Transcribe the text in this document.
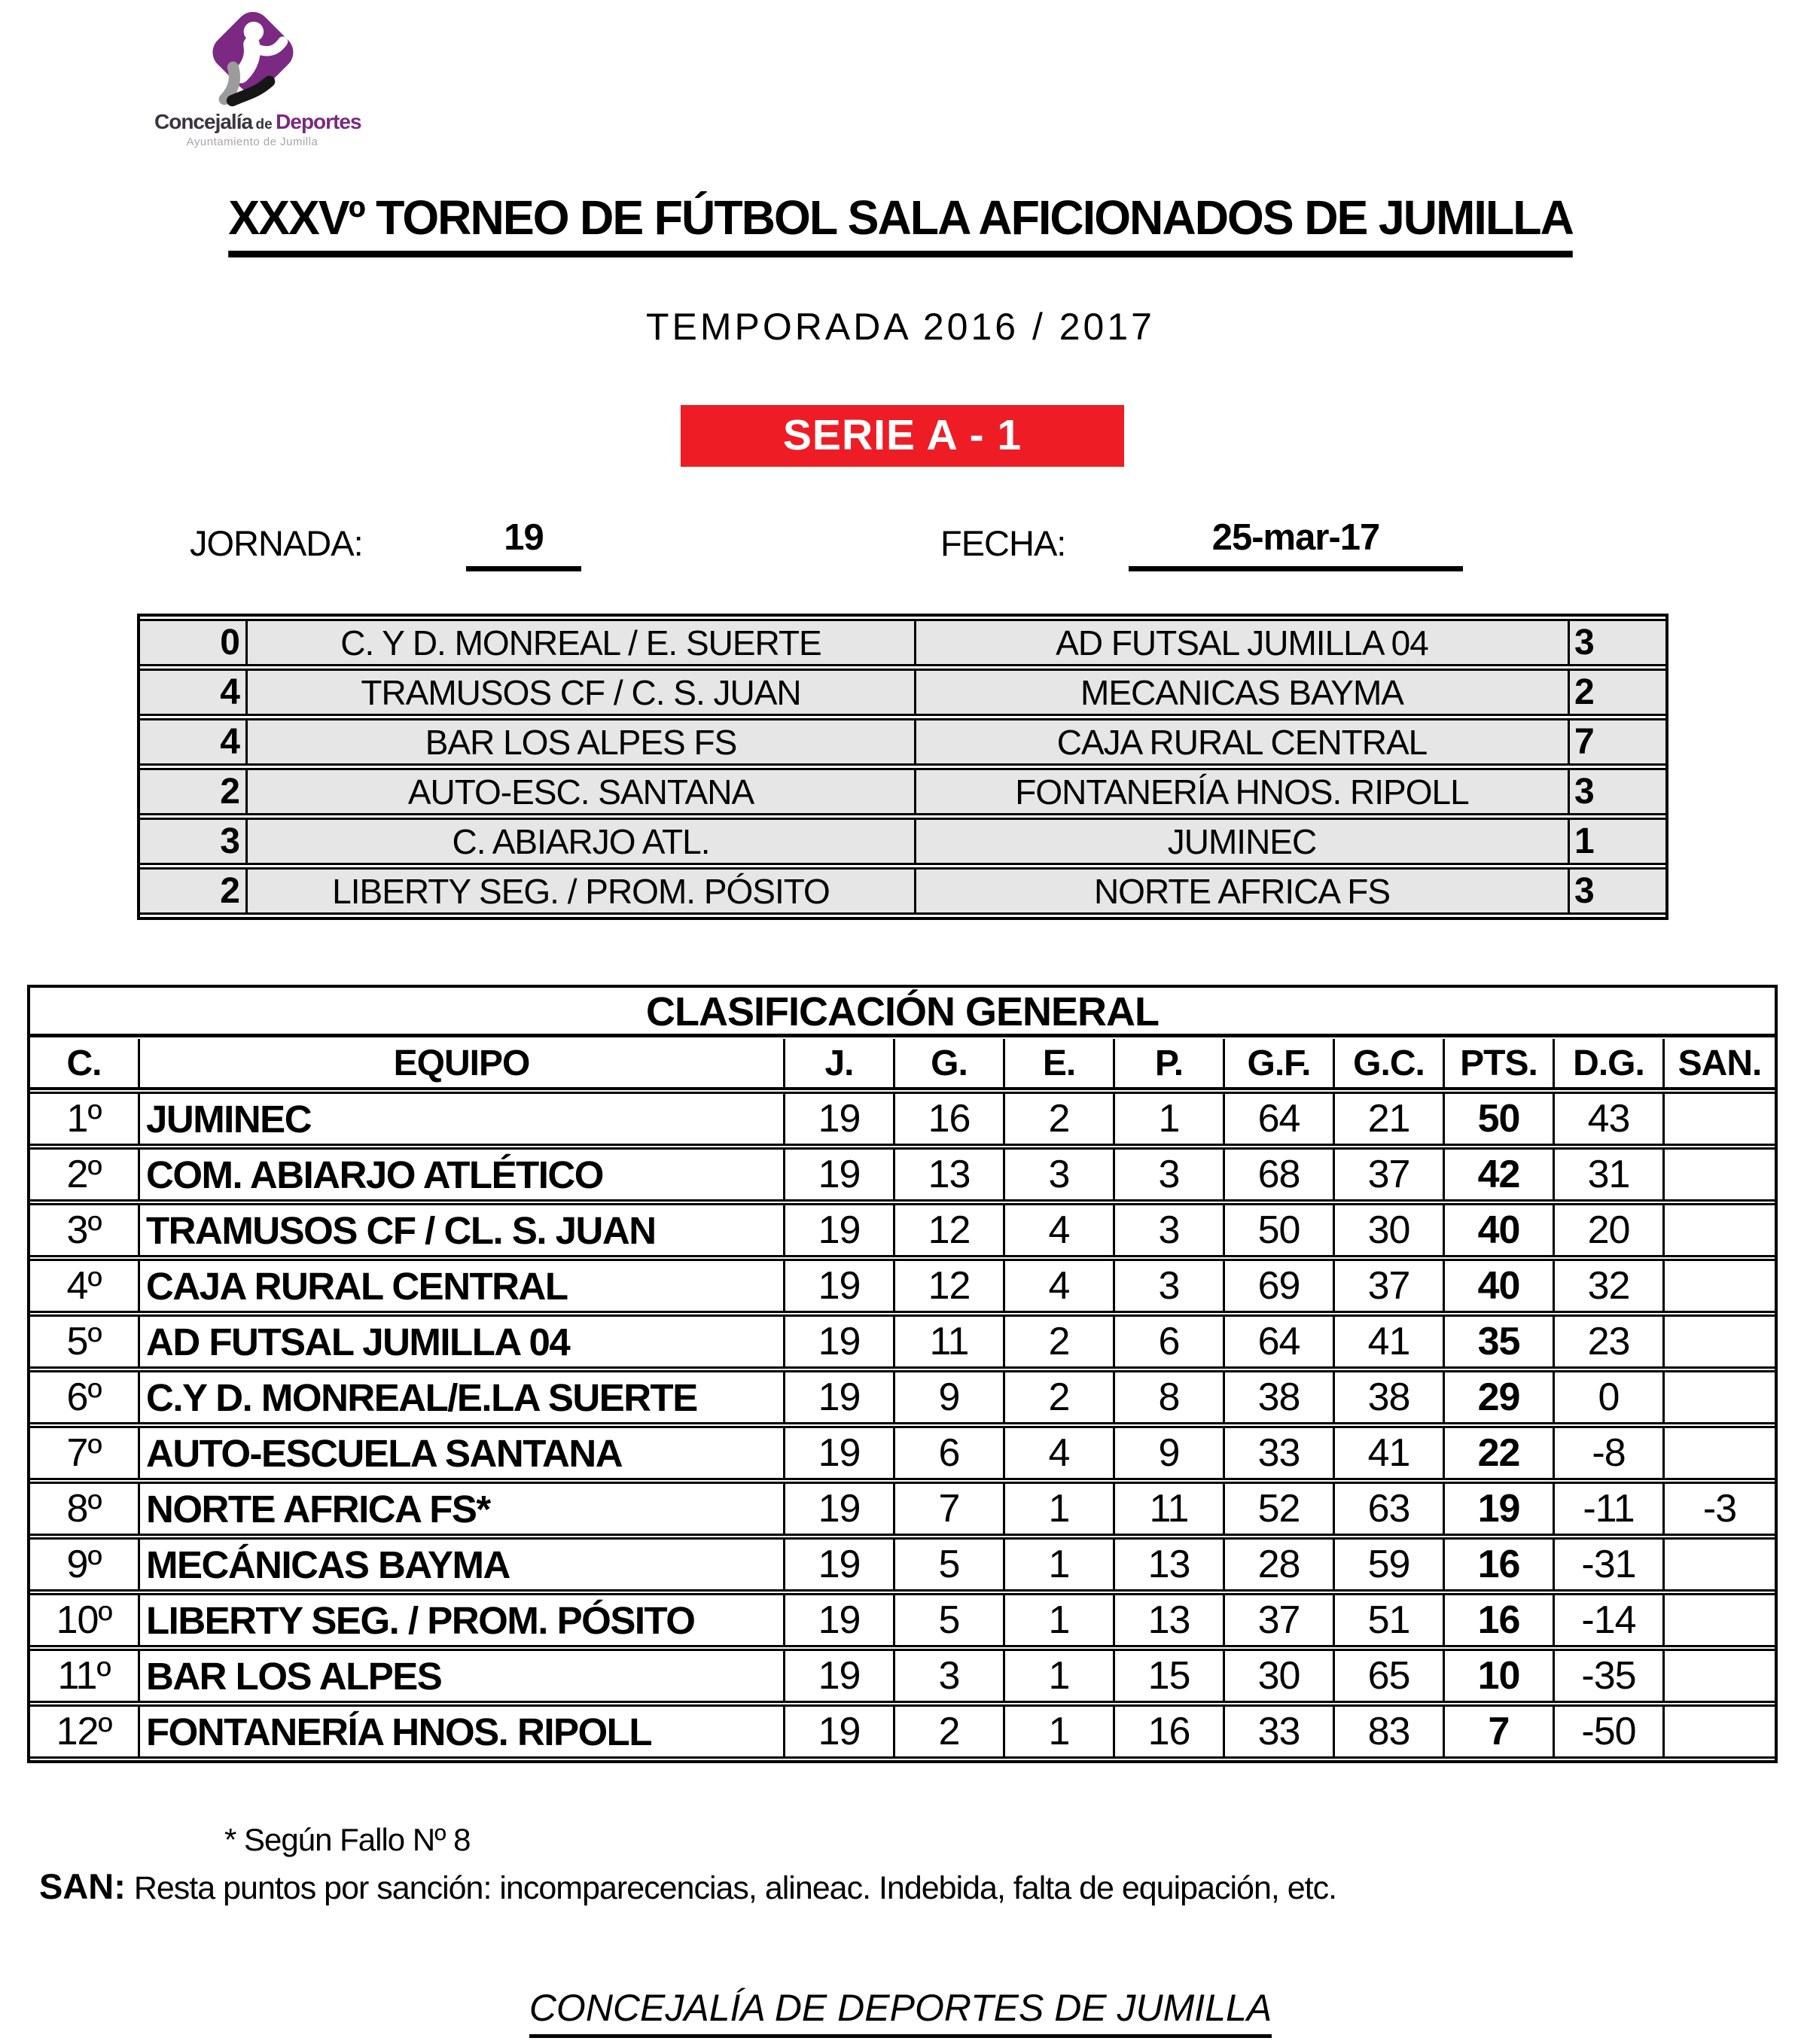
Concejalía de Deportes
Ayuntamiento de Jumilla
XXXVº TORNEO DE FÚTBOL SALA AFICIONADOS DE JUMILLA
TEMPORADA 2016 / 2017
SERIE A - 1
JORNADA:	19	FECHA:	25-mar-17
0	C. Y D. MONREAL / E. SUERTE	AD FUTSAL JUMILLA 04	3
4	TRAMUSOS CF / C. S. JUAN	MECANICAS BAYMA	2
4	BAR LOS ALPES FS	CAJA RURAL CENTRAL	7
2	AUTO-ESC. SANTANA	FONTANERÍA HNOS. RIPOLL	3
3	C. ABIARJO ATL.	JUMINEC	1
2	LIBERTY SEG. / PROM. PÓSITO	NORTE AFRICA FS	3
CLASIFICACIÓN GENERAL
C.	EQUIPO	J.	G.	E.	P.	G.F.	G.C.	PTS.	D.G.	SAN.
1º	JUMINEC	19	16	2	1	64	21	50	43	
2º	COM. ABIARJO ATLÉTICO	19	13	3	3	68	37	42	31	
3º	TRAMUSOS CF / CL. S. JUAN	19	12	4	3	50	30	40	20	
4º	CAJA RURAL CENTRAL	19	12	4	3	69	37	40	32	
5º	AD FUTSAL JUMILLA 04	19	11	2	6	64	41	35	23	
6º	C.Y D. MONREAL/E.LA SUERTE	19	9	2	8	38	38	29	0	
7º	AUTO-ESCUELA SANTANA	19	6	4	9	33	41	22	-8	
8º	NORTE AFRICA FS*	19	7	1	11	52	63	19	-11	-3
9º	MECÁNICAS BAYMA	19	5	1	13	28	59	16	-31	
10º	LIBERTY SEG. / PROM. PÓSITO	19	5	1	13	37	51	16	-14	
11º	BAR LOS ALPES	19	3	1	15	30	65	10	-35	
12º	FONTANERÍA HNOS. RIPOLL	19	2	1	16	33	83	7	-50	
* Según Fallo Nº 8
SAN: Resta puntos por sanción: incomparecencias, alineac. Indebida, falta de equipación, etc.
CONCEJALÍA DE DEPORTES DE JUMILLA
